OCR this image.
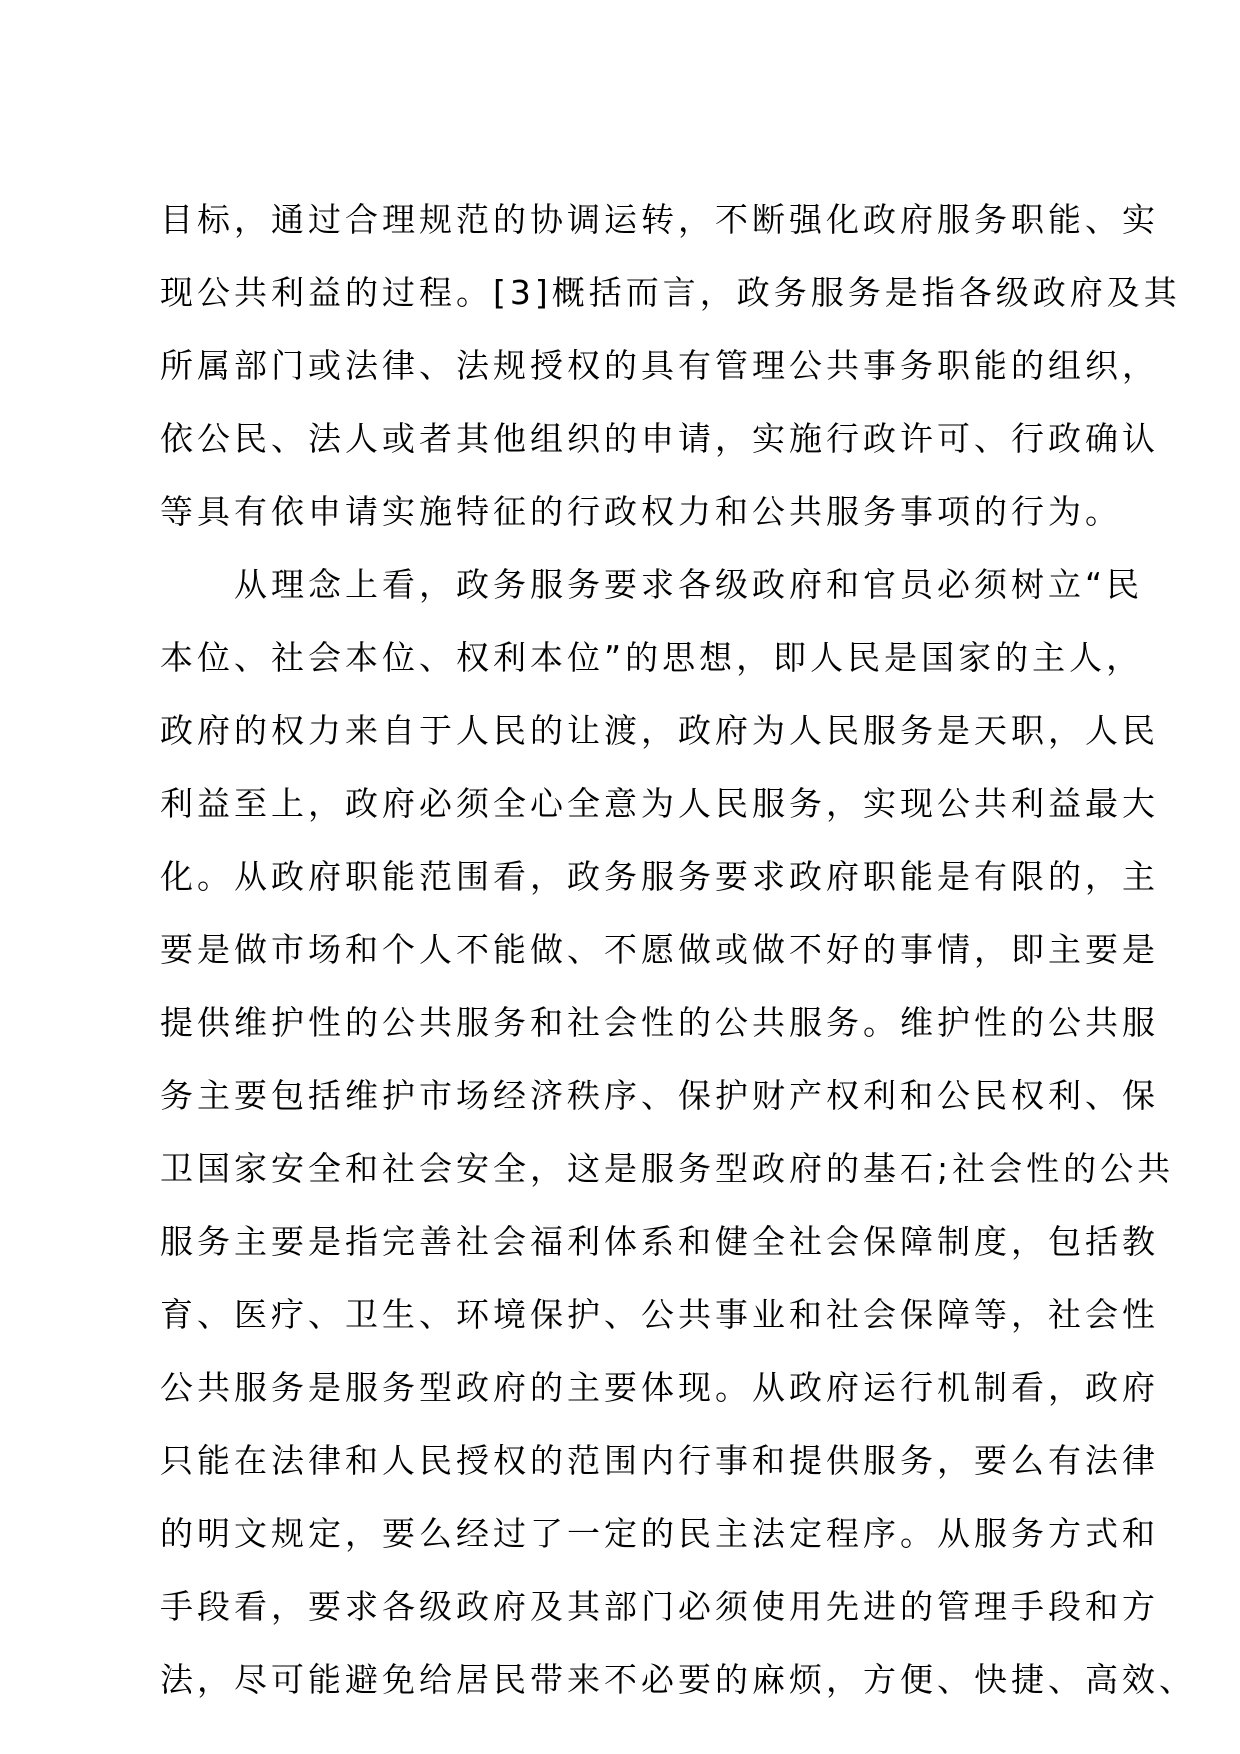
目标，通过合理规范的协调运转，不断强化政府服务职能、实
现公共利益的过程。[3]概括而言，政务服务是指各级政府及其
所属部门或法律、法规授权的具有管理公共事务职能的组织，
依公民、法人或者其他组织的申请，实施行政许可、行政确认
等具有依申请实施特征的行政权力和公共服务事项的行为。
从理念上看，政务服务要求各级政府和官员必须树立“民
本位、社会本位、权利本位”的思想，即人民是国家的主人，
政府的权力来自于人民的让渡，政府为人民服务是天职，人民
利益至上，政府必须全心全意为人民服务，实现公共利益最大
化。从政府职能范围看，政务服务要求政府职能是有限的，主
要是做市场和个人不能做、不愿做或做不好的事情，即主要是
提供维护性的公共服务和社会性的公共服务。维护性的公共服
务主要包括维护市场经济秩序、保护财产权利和公民权利、保
卫国家安全和社会安全，这是服务型政府的基石;社会性的公共
服务主要是指完善社会福利体系和健全社会保障制度，包括教
育、医疗、卫生、环境保护、公共事业和社会保障等，社会性
公共服务是服务型政府的主要体现。从政府运行机制看，政府
只能在法律和人民授权的范围内行事和提供服务，要么有法律
的明文规定，要么经过了一定的民主法定程序。从服务方式和
手段看，要求各级政府及其部门必须使用先进的管理手段和方
法，尽可能避免给居民带来不必要的麻烦，方便、快捷、高效、
